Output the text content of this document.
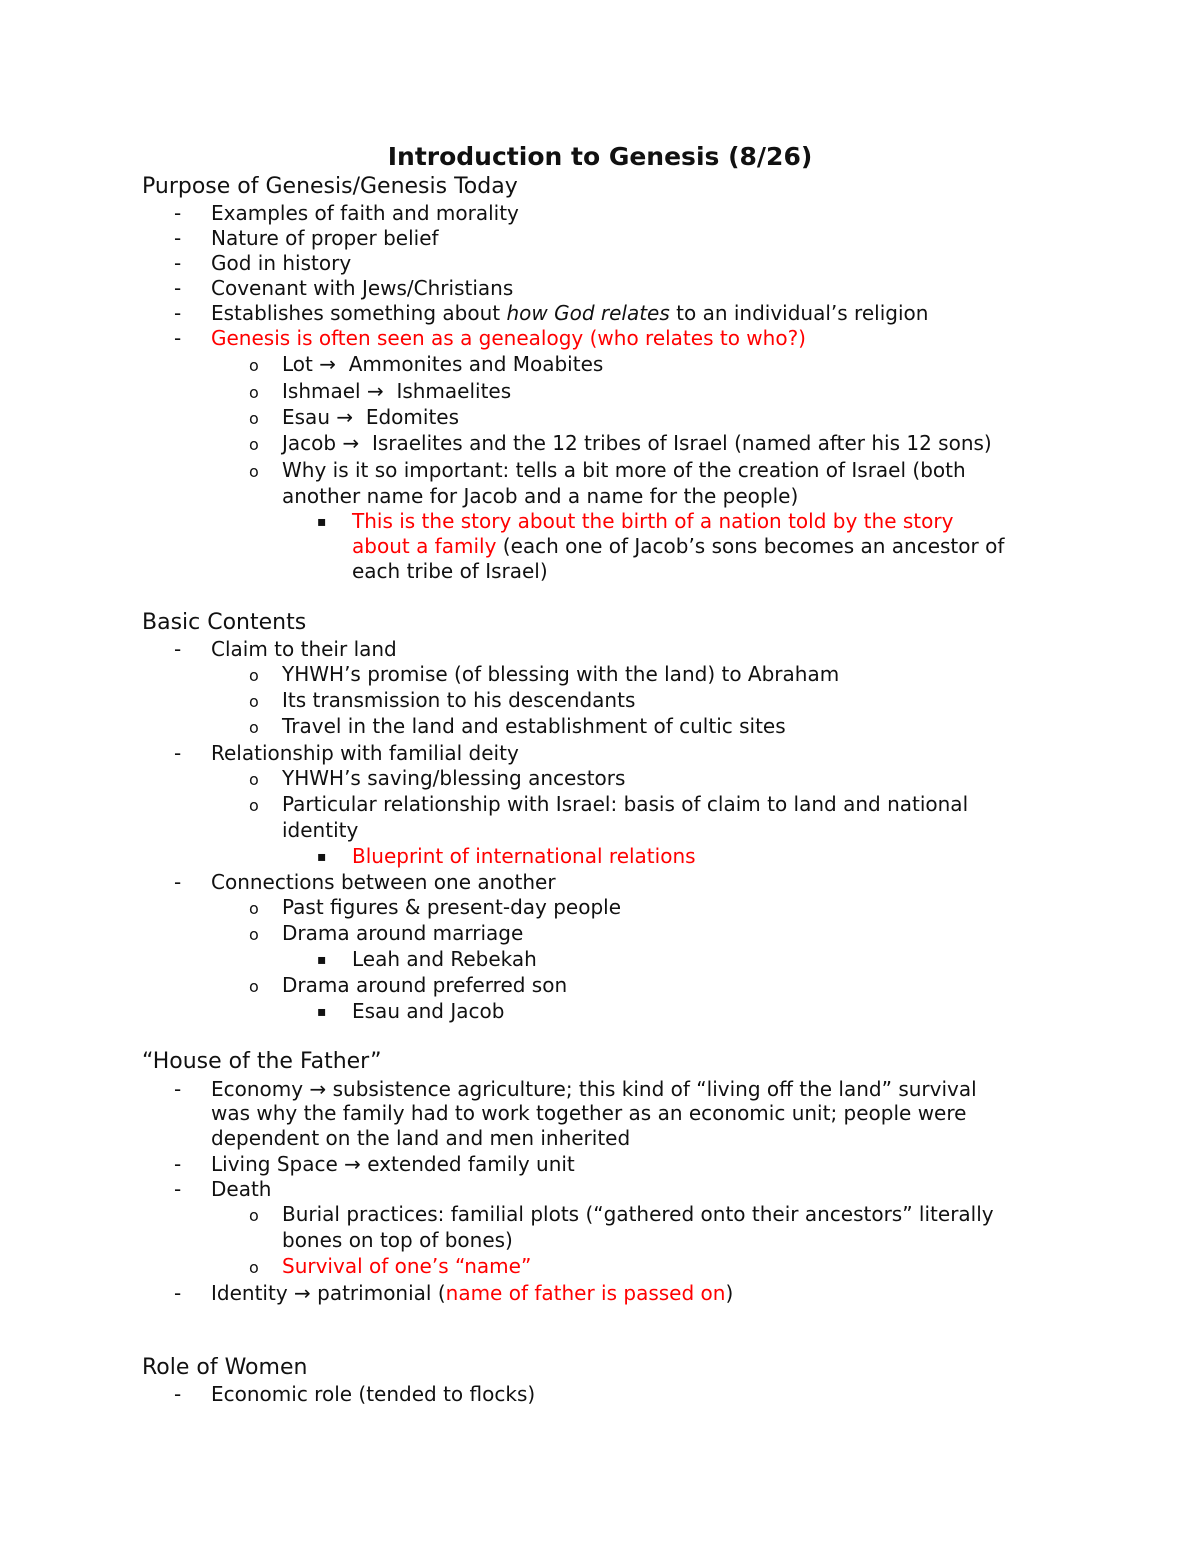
Introduction to Genesis (8/26)
Purpose of Genesis/Genesis Today
- Examples of faith and morality
- Nature of proper belief
- God in history
- Covenant with Jews/Christians
- Establishes something about how God relates to an individual’s religion
- Genesis is often seen as a genealogy (who relates to who?)
o Lot → Ammonites and Moabites
o Ishmael → Ishmaelites
o Esau → Edomites
o Jacob → Israelites and the 12 tribes of Israel (named after his 12 sons)
o Why is it so important: tells a bit more of the creation of Israel (both
another name for Jacob and a name for the people)
▪ This is the story about the birth of a nation told by the story
about a family (each one of Jacob’s sons becomes an ancestor of
each tribe of Israel)
Basic Contents
- Claim to their land
o YHWH’s promise (of blessing with the land) to Abraham
o Its transmission to his descendants
o Travel in the land and establishment of cultic sites
- Relationship with familial deity
o YHWH’s saving/blessing ancestors
o Particular relationship with Israel: basis of claim to land and national
identity
▪ Blueprint of international relations
- Connections between one another
o Past figures & present-day people
o Drama around marriage
▪ Leah and Rebekah
o Drama around preferred son
▪ Esau and Jacob
“House of the Father”
- Economy → subsistence agriculture; this kind of “living off the land” survival
was why the family had to work together as an economic unit; people were
dependent on the land and men inherited
- Living Space → extended family unit
- Death
o Burial practices: familial plots (“gathered onto their ancestors” literally
bones on top of bones)
o Survival of one’s “name”
- Identity → patrimonial (name of father is passed on)
Role of Women
- Economic role (tended to flocks)
